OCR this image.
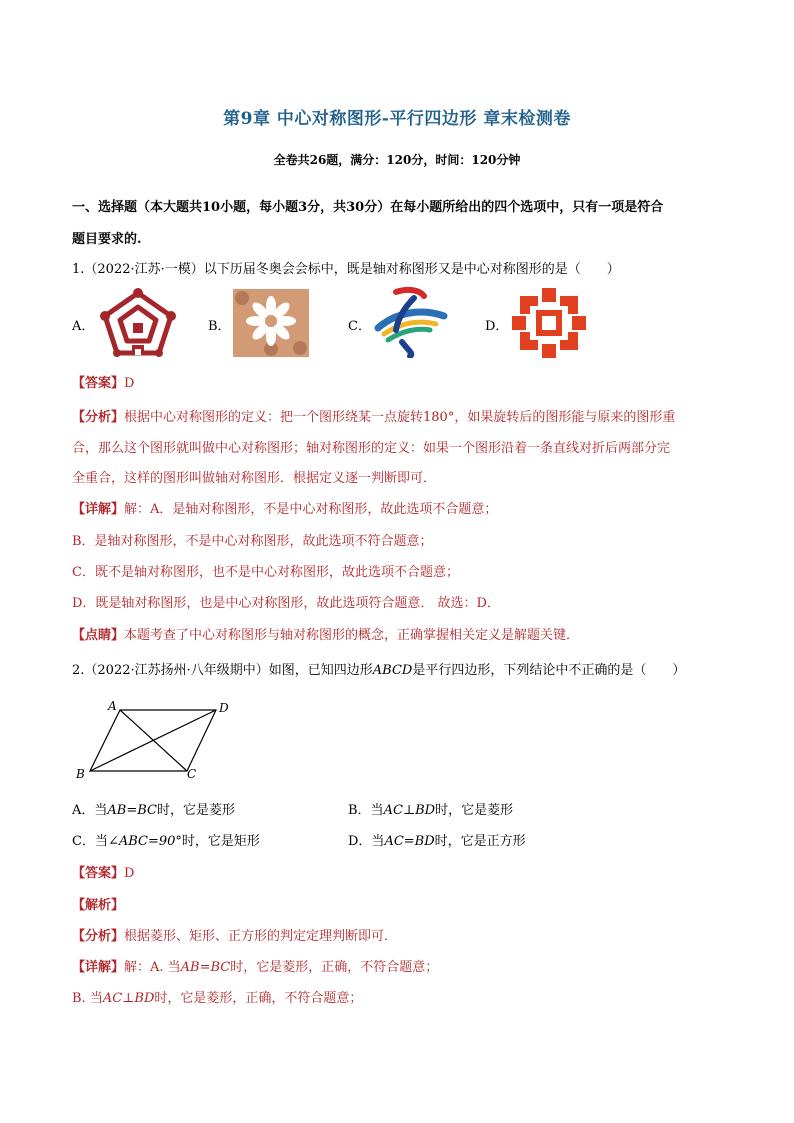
第9章 中心对称图形-平行四边形 章末检测卷
全卷共26题，满分：120分，时间：120分钟
一、选择题（本大题共10小题，每小题3分，共30分）在每小题所给出的四个选项中，只有一项是符合
题目要求的.
1.（2022·江苏·一模）以下历届冬奥会会标中，既是轴对称图形又是中心对称图形的是（　　）
A．	B．	C．	D．
【答案】D
【分析】根据中心对称图形的定义：把一个图形绕某一点旋转180°，如果旋转后的图形能与原来的图形重
合，那么这个图形就叫做中心对称图形；轴对称图形的定义：如果一个图形沿着一条直线对折后两部分完
全重合，这样的图形叫做轴对称图形．根据定义逐一判断即可．
【详解】解：A．是轴对称图形，不是中心对称图形，故此选项不合题意；
B．是轴对称图形，不是中心对称图形，故此选项不符合题意；
C．既不是轴对称图形，也不是中心对称图形，故此选项不合题意；
D．既是轴对称图形，也是中心对称图形，故此选项符合题意． 故选：D．
【点睛】本题考查了中心对称图形与轴对称图形的概念，正确掌握相关定义是解题关键．
2.（2022·江苏扬州·八年级期中）如图，已知四边形ABCD是平行四边形，下列结论中不正确的是（　　）
A	D
B	C
A．当AB=BC时，它是菱形	B．当AC⊥BD时，它是菱形
C．当∠ABC=90°时，它是矩形	D．当AC=BD时，它是正方形
【答案】D
【解析】
【分析】根据菱形、矩形、正方形的判定定理判断即可．
【详解】解：A. 当AB=BC时，它是菱形，正确，不符合题意；
B. 当AC⊥BD时，它是菱形，正确，不符合题意；
